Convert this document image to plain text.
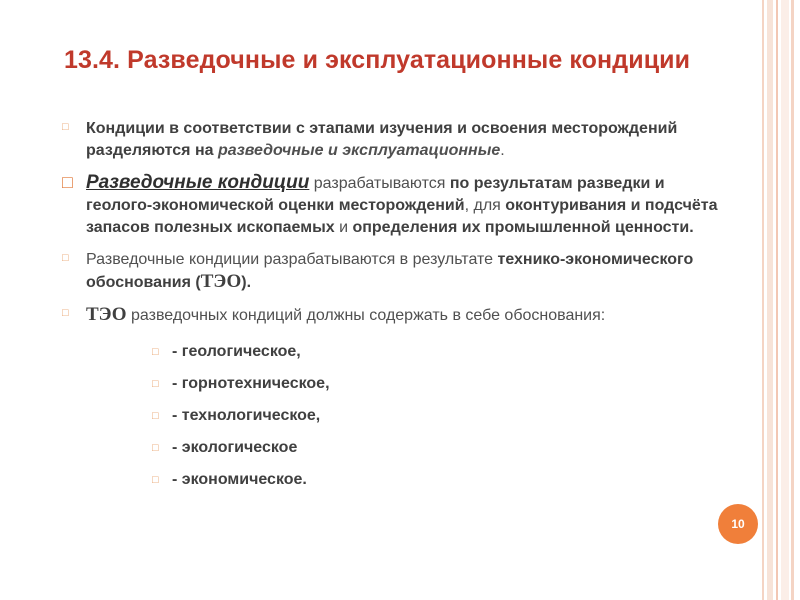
13.4. Разведочные и эксплуатационные кондиции
□ Кондиции в соответствии с этапами изучения и освоения месторождений разделяются на разведочные и эксплуатационные.
□ Разведочные кондиции разрабатываются по результатам разведки и геолого-экономической оценки месторождений, для оконтуривания и подсчёта запасов полезных ископаемых и определения их промышленной ценности.
□ Разведочные кондиции разрабатываются в результате технико-экономического обоснования (ТЭО).
□ ТЭО разведочных кондиций должны содержать в себе обоснования:
□ - геологическое,
□ - горнотехническое,
□ - технологическое,
□ - экологическое
□ - экономическое.
10
